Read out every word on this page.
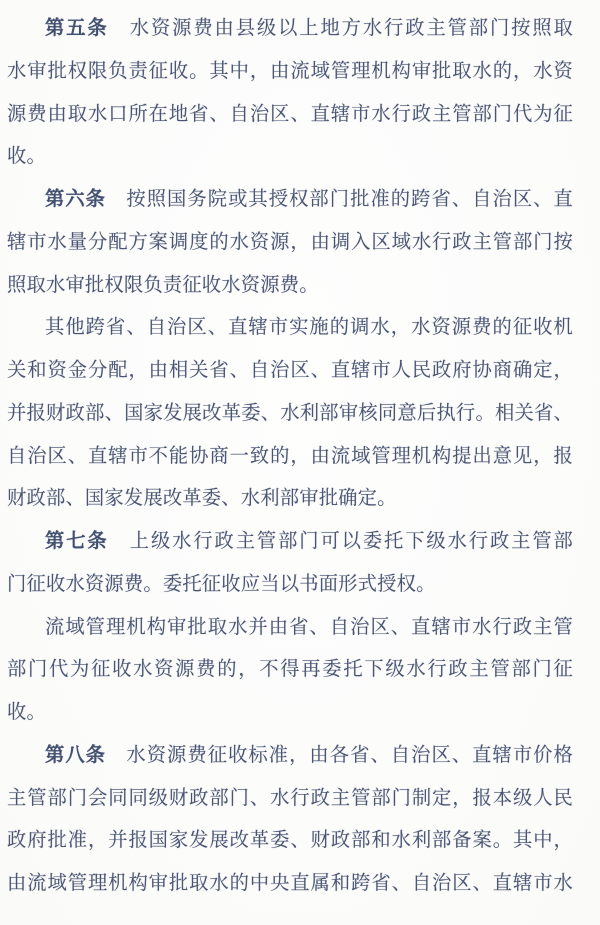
第五条　水资源费由县级以上地方水行政主管部门按照取
水审批权限负责征收。其中，由流域管理机构审批取水的，水资
源费由取水口所在地省、自治区、直辖市水行政主管部门代为征
收。
第六条　按照国务院或其授权部门批准的跨省、自治区、直
辖市水量分配方案调度的水资源，由调入区域水行政主管部门按
照取水审批权限负责征收水资源费。
其他跨省、自治区、直辖市实施的调水，水资源费的征收机
关和资金分配，由相关省、自治区、直辖市人民政府协商确定，
并报财政部、国家发展改革委、水利部审核同意后执行。相关省、
自治区、直辖市不能协商一致的，由流域管理机构提出意见，报
财政部、国家发展改革委、水利部审批确定。
第七条　上级水行政主管部门可以委托下级水行政主管部
门征收水资源费。委托征收应当以书面形式授权。
流域管理机构审批取水并由省、自治区、直辖市水行政主管
部门代为征收水资源费的，不得再委托下级水行政主管部门征
收。
第八条　水资源费征收标准，由各省、自治区、直辖市价格
主管部门会同同级财政部门、水行政主管部门制定，报本级人民
政府批准，并报国家发展改革委、财政部和水利部备案。其中，
由流域管理机构审批取水的中央直属和跨省、自治区、直辖市水
